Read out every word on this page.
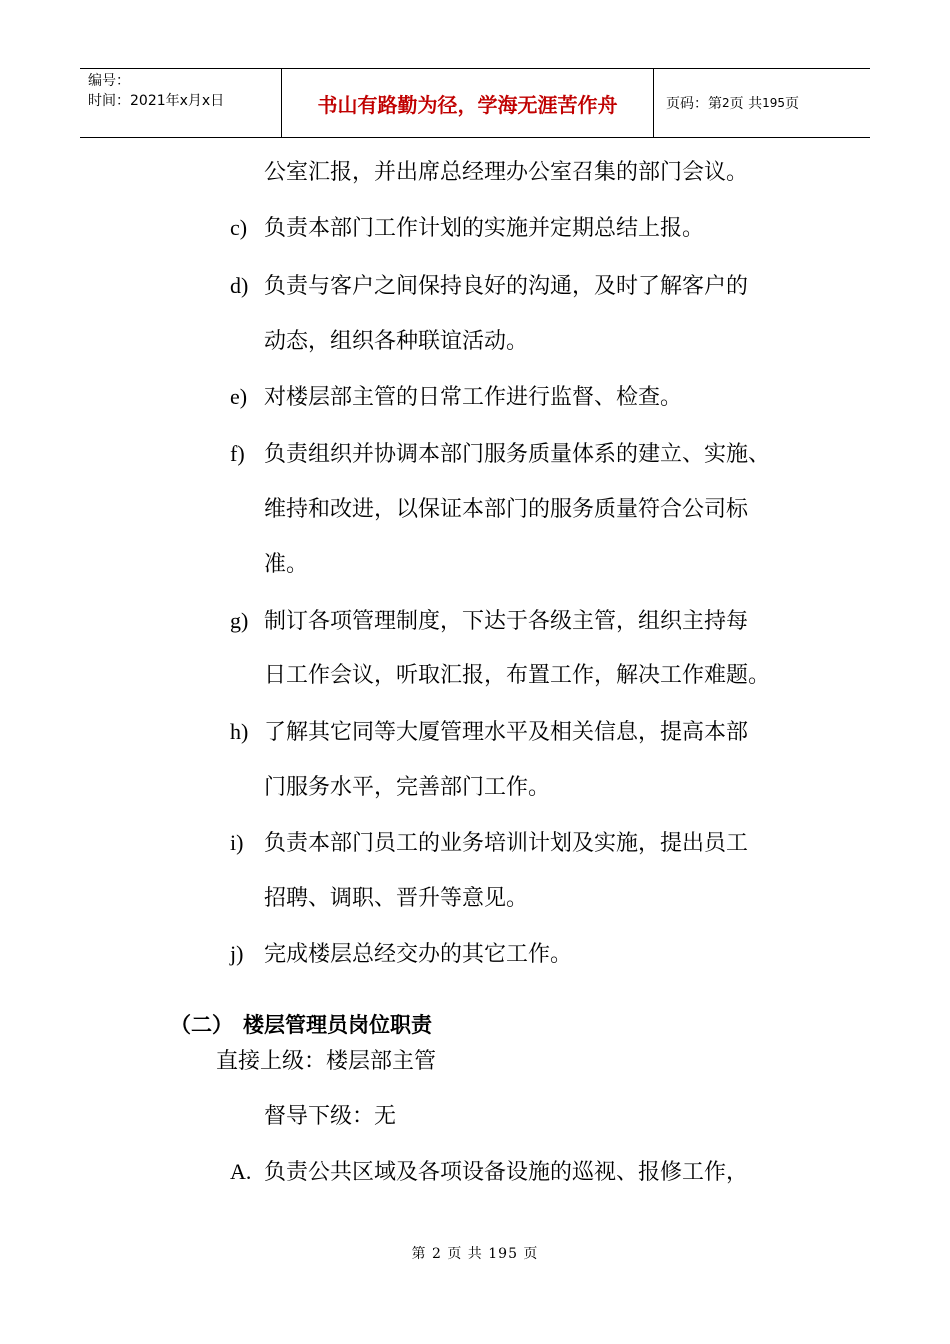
编号：
时间：2021年x月x日	书山有路勤为径，学海无涯苦作舟	页码：第 2 页 共 195 页
公室汇报，并出席总经理办公室召集的部门会议。
c) 负责本部门工作计划的实施并定期总结上报。
d) 负责与客户之间保持良好的沟通，及时了解客户的
动态，组织各种联谊活动。
e) 对楼层部主管的日常工作进行监督、检查。
f) 负责组织并协调本部门服务质量体系的建立、实施、
维持和改进，以保证本部门的服务质量符合公司标
准。
g) 制订各项管理制度，下达于各级主管，组织主持每
日工作会议，听取汇报，布置工作，解决工作难题。
h) 了解其它同等大厦管理水平及相关信息，提高本部
门服务水平，完善部门工作。
i) 负责本部门员工的业务培训计划及实施，提出员工
招聘、调职、晋升等意见。
j) 完成楼层总经交办的其它工作。
（二） 楼层管理员岗位职责
直接上级：楼层部主管
督导下级：无
A. 负责公共区域及各项设备设施的巡视、报修工作，
第 2 页 共 195 页
